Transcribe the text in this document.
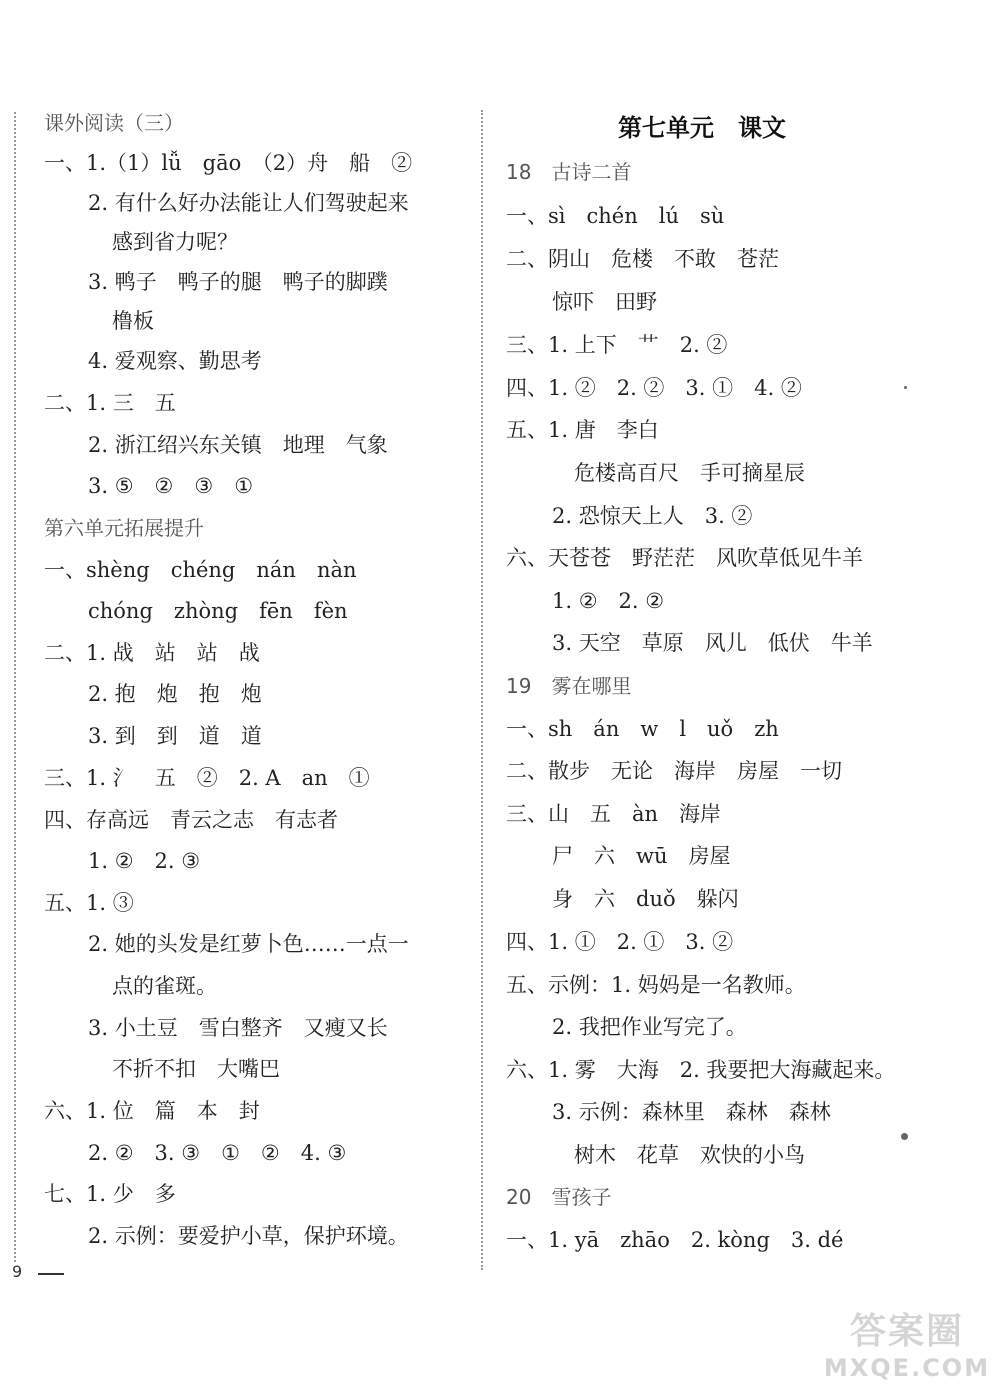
课外阅读（三）
一、1.（1）lǚ　gāo　（2）舟　船　②
2. 有什么好办法能让人们驾驶起来
感到省力呢？
3. 鸭子　鸭子的腿　鸭子的脚蹼
橹板
4. 爱观察、勤思考
二、1. 三　五
2. 浙江绍兴东关镇　地理　气象
3. ⑤　②　③　①
第六单元拓展提升
一、shèng　chéng　nán　nàn
chóng　zhòng　fēn　fèn
二、1. 战　站　站　战
2. 抱　炮　抱　炮
3. 到　到　道　道
三、1. 氵　五　②　2. A　an　①
四、存高远　青云之志　有志者
1. ②　2. ③
五、1. ③
2. 她的头发是红萝卜色……一点一
点的雀斑。
3. 小土豆　雪白整齐　又瘦又长
不折不扣　大嘴巴
六、1. 位　篇　本　封
2. ②　3. ③　①　②　4. ③
七、1. 少　多
2. 示例：要爱护小草，保护环境。
第七单元　课文
18　古诗二首
一、sì　chén　lú　sù
二、阴山　危楼　不敢　苍茫
惊吓　田野
三、1. 上下　艹　2. ②
四、1. ②　2. ②　3. ①　4. ②
五、1. 唐　李白
危楼高百尺　手可摘星辰
2. 恐惊天上人　3. ②
六、天苍苍　野茫茫　风吹草低见牛羊
1. ②　2. ②
3. 天空　草原　风儿　低伏　牛羊
19　雾在哪里
一、sh　án　w　l　uǒ　zh
二、散步　无论　海岸　房屋　一切
三、山　五　àn　海岸
尸　六　wū　房屋
身　六　duǒ　躲闪
四、1. ①　2. ①　3. ②
五、示例：1. 妈妈是一名教师。
2. 我把作业写完了。
六、1. 雾　大海　2. 我要把大海藏起来。
3. 示例：森林里　森林　森林
树木　花草　欢快的小鸟
20　雪孩子
一、1. yā　zhāo　2. kòng　3. dé
9
答案圈
MXQE.COM
